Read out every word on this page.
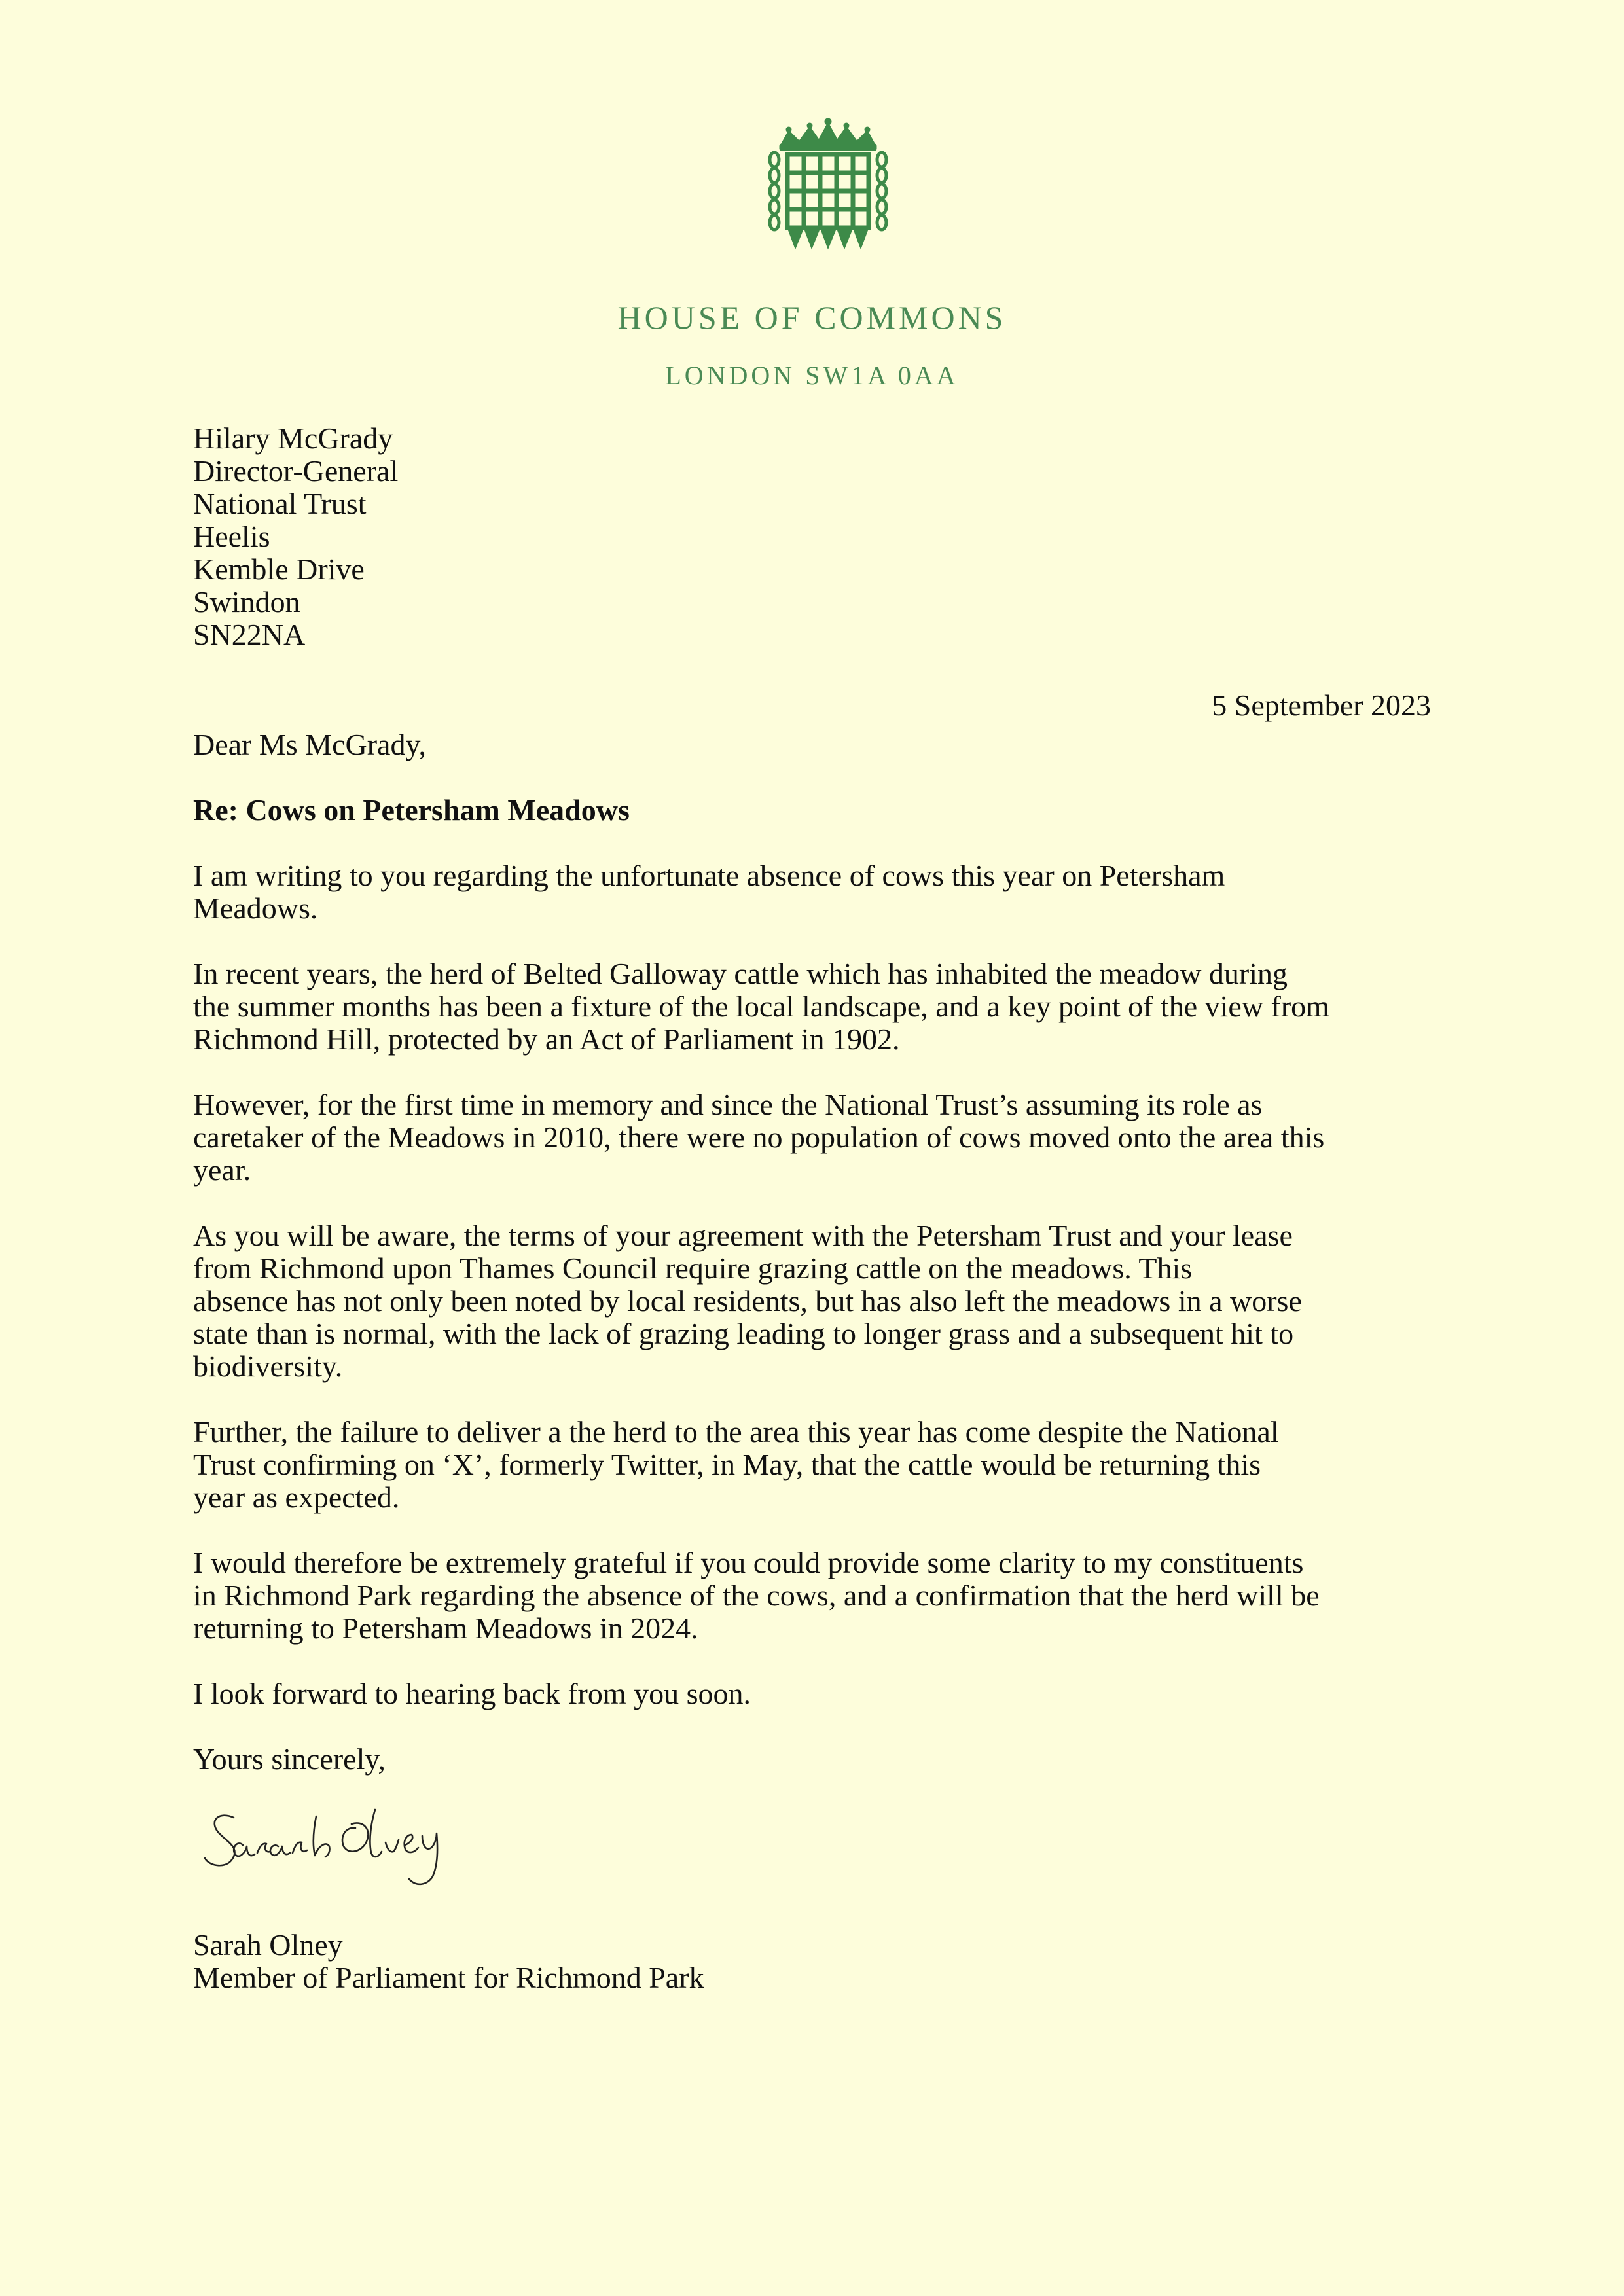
HOUSE OF COMMONS
LONDON SW1A 0AA
Hilary McGrady
Director-General
National Trust
Heelis
Kemble Drive
Swindon
SN22NA
5 September 2023
Dear Ms McGrady,
Re: Cows on Petersham Meadows
I am writing to you regarding the unfortunate absence of cows this year on Petersham
Meadows.
In recent years, the herd of Belted Galloway cattle which has inhabited the meadow during
the summer months has been a fixture of the local landscape, and a key point of the view from
Richmond Hill, protected by an Act of Parliament in 1902.
However, for the first time in memory and since the National Trust’s assuming its role as
caretaker of the Meadows in 2010, there were no population of cows moved onto the area this
year.
As you will be aware, the terms of your agreement with the Petersham Trust and your lease
from Richmond upon Thames Council require grazing cattle on the meadows. This
absence has not only been noted by local residents, but has also left the meadows in a worse
state than is normal, with the lack of grazing leading to longer grass and a subsequent hit to
biodiversity.
Further, the failure to deliver a the herd to the area this year has come despite the National
Trust confirming on ‘X’, formerly Twitter, in May, that the cattle would be returning this
year as expected.
I would therefore be extremely grateful if you could provide some clarity to my constituents
in Richmond Park regarding the absence of the cows, and a confirmation that the herd will be
returning to Petersham Meadows in 2024.
I look forward to hearing back from you soon.
Yours sincerely,
Sarah Olney
Member of Parliament for Richmond Park
